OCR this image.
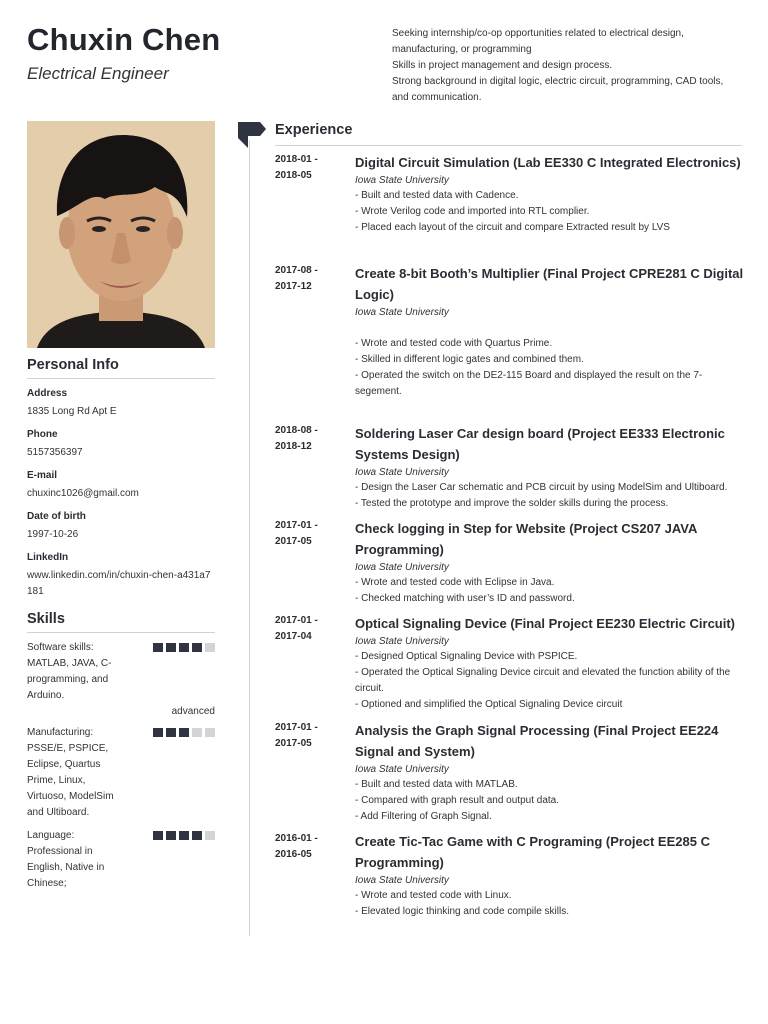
Chuxin Chen
Electrical Engineer
Seeking internship/co-op opportunities related to electrical design,
manufacturing, or programming
Skills in project management and design process.
Strong background in digital logic, electric circuit, programming, CAD tools,
and communication.
Personal Info
Address
1835 Long Rd Apt E
Phone
5157356397
E-mail
chuxinc1026@gmail.com
Date of birth
1997-10-26
LinkedIn
www.linkedin.com/in/chuxin-chen-a431a7181
Skills
Software skills: MATLAB, JAVA, C-programming, and Arduino.
advanced
Manufacturing: PSSE/E, PSPICE, Eclipse, Quartus Prime, Linux, Virtuoso, ModelSim and Ultiboard.
Language: Professional in English, Native in Chinese;
Experience
2018-01 -
2018-05
Digital Circuit Simulation (Lab EE330 C Integrated Electronics)
Iowa State University
- Built and tested data with Cadence.
- Wrote Verilog code and imported into RTL complier.
- Placed each layout of the circuit and compare Extracted result by LVS
2017-08 -
2017-12
Create 8-bit Booth’s Multiplier (Final Project CPRE281 C Digital Logic)
Iowa State University
- Wrote and tested code with Quartus Prime.
- Skilled in different logic gates and combined them.
- Operated the switch on the DE2-115 Board and displayed the result on the 7-segement.
2018-08 -
2018-12
Soldering Laser Car design board (Project EE333 Electronic Systems Design)
Iowa State University
- Design the Laser Car schematic and PCB circuit by using ModelSim and Ultiboard.
- Tested the prototype and improve the solder skills during the process.
2017-01 -
2017-05
Check logging in Step for Website (Project CS207 JAVA Programming)
Iowa State University
- Wrote and tested code with Eclipse in Java.
- Checked matching with user’s ID and password.
2017-01 -
2017-04
Optical Signaling Device (Final Project EE230 Electric Circuit)
Iowa State University
- Designed Optical Signaling Device with PSPICE.
- Operated the Optical Signaling Device circuit and elevated the function ability of the circuit.
- Optioned and simplified the Optical Signaling Device circuit
2017-01 -
2017-05
Analysis the Graph Signal Processing (Final Project EE224 Signal and System)
Iowa State University
- Built and tested data with MATLAB.
- Compared with graph result and output data.
- Add Filtering of Graph Signal.
2016-01 -
2016-05
Create Tic-Tac Game with C Programing (Project EE285 C Programming)
Iowa State University
- Wrote and tested code with Linux.
- Elevated logic thinking and code compile skills.
